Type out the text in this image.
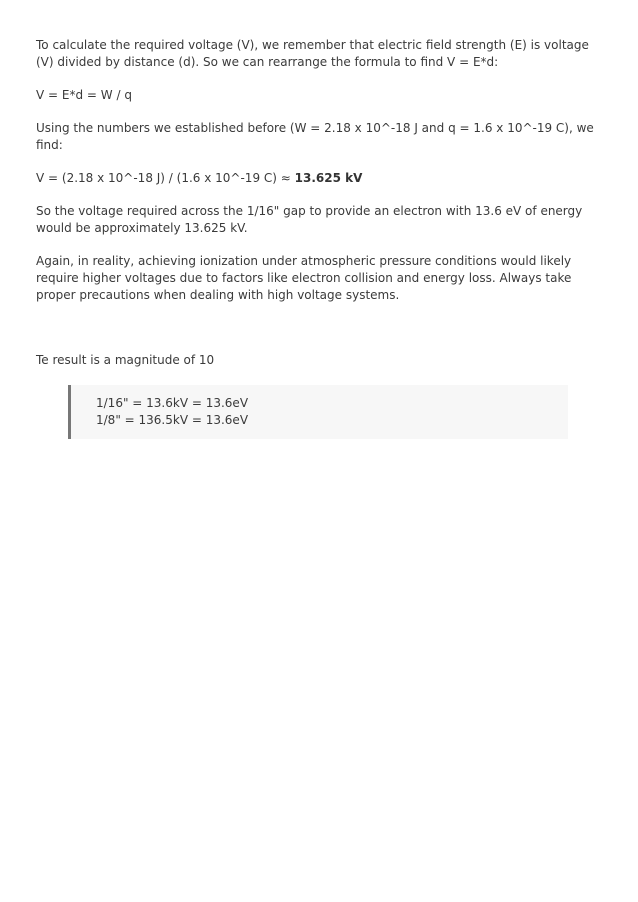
To calculate the required voltage (V), we remember that electric field strength (E) is voltage (V) divided by distance (d). So we can rearrange the formula to find V = E*d:

V = E*d = W / q

Using the numbers we established before (W = 2.18 x 10^-18 J and q = 1.6 x 10^-19 C), we find:

V = (2.18 x 10^-18 J) / (1.6 x 10^-19 C) ≈ 13.625 kV

So the voltage required across the 1/16" gap to provide an electron with 13.6 eV of energy would be approximately 13.625 kV.

Again, in reality, achieving ionization under atmospheric pressure conditions would likely require higher voltages due to factors like electron collision and energy loss. Always take proper precautions when dealing with high voltage systems.

Te result is a magnitude of 10

1/16" = 13.6kV = 13.6eV
1/8" = 136.5kV = 13.6eV
